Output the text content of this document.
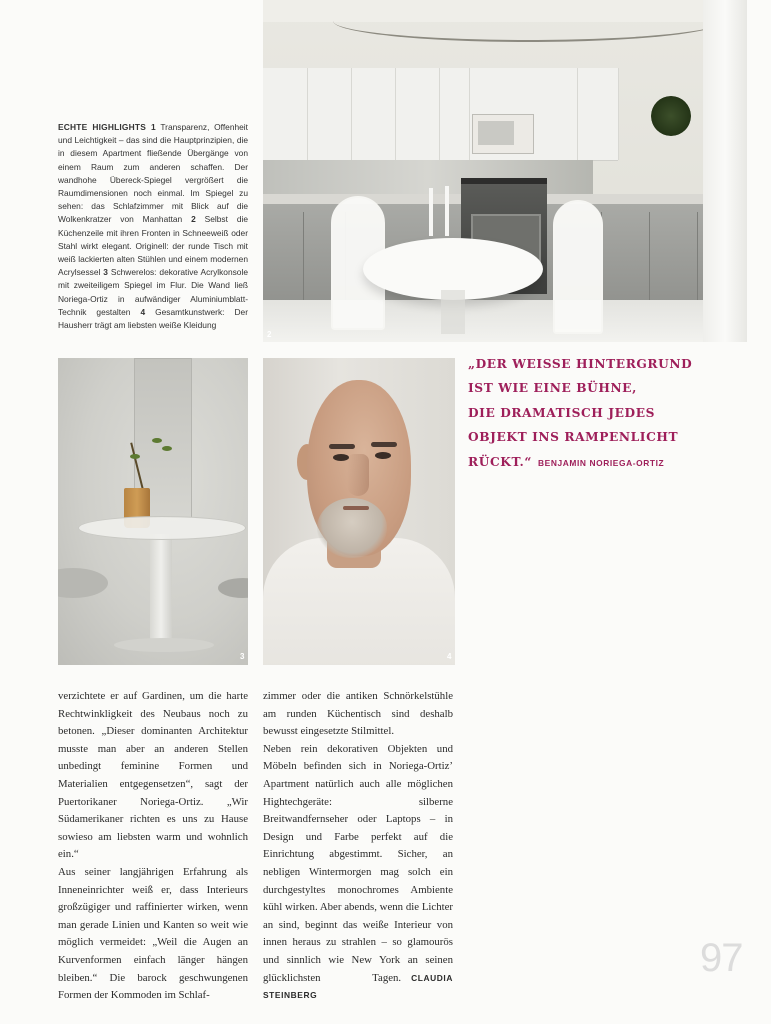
ECHTE HIGHLIGHTS 1 Transparenz, Offenheit und Leichtigkeit – das sind die Hauptprinzipien, die in diesem Apartment fließende Übergänge von einem Raum zum anderen schaffen. Der wandhohe Übereck-Spiegel vergrößert die Raumdimensionen noch einmal. Im Spiegel zu sehen: das Schlafzimmer mit Blick auf die Wolkenkratzer von Manhattan 2 Selbst die Küchenzeile mit ihren Fronten in Schneeweiß oder Stahl wirkt elegant. Originell: der runde Tisch mit weiß lackierten alten Stühlen und einem modernen Acrylsessel 3 Schwerelos: dekorative Acrylkonsole mit zweiteiligem Spiegel im Flur. Die Wand ließ Noriega-Ortiz in aufwändiger Aluminiumblatt-Technik gestalten 4 Gesamtkunstwerk: Der Hausherr trägt am liebsten weiße Kleidung
2
3	4
„DER WEISSE HINTERGRUND
IST WIE EINE BÜHNE,
DIE DRAMATISCH JEDES
OBJEKT INS RAMPENLICHT
RÜCKT.“ BENJAMIN NORIEGA-ORTIZ

verzichtete er auf Gardinen, um die harte Rechtwinkligkeit des Neubaus noch zu betonen. „Dieser dominanten Architektur musste man aber an anderen Stellen unbedingt feminine Formen und Materialien entgegensetzen“, sagt der Puertorikaner Noriega-Ortiz. „Wir Südamerikaner richten es uns zu Hause sowieso am liebsten warm und wohnlich ein.“

Aus seiner langjährigen Erfahrung als Inneneinrichter weiß er, dass Interieurs großzügiger und raffinierter wirken, wenn man gerade Linien und Kanten so weit wie möglich vermeidet: „Weil die Augen an Kurvenformen einfach länger hängen bleiben.“ Die barock geschwungenen Formen der Kommoden im Schlaf-

zimmer oder die antiken Schnörkelstühle am runden Küchentisch sind deshalb bewusst eingesetzte Stilmittel.

Neben rein dekorativen Objekten und Möbeln befinden sich in Noriega-Ortiz’ Apartment natürlich auch alle möglichen Hightechgeräte: silberne Breitwandfernseher oder Laptops – in Design und Farbe perfekt auf die Einrichtung abgestimmt. Sicher, an nebligen Wintermorgen mag solch ein durchgestyltes monochromes Ambiente kühl wirken. Aber abends, wenn die Lichter an sind, beginnt das weiße Interieur von innen heraus zu strahlen – so glamourös und sinnlich wie New York an seinen glücklichsten Tagen. CLAUDIA STEINBERG

97
